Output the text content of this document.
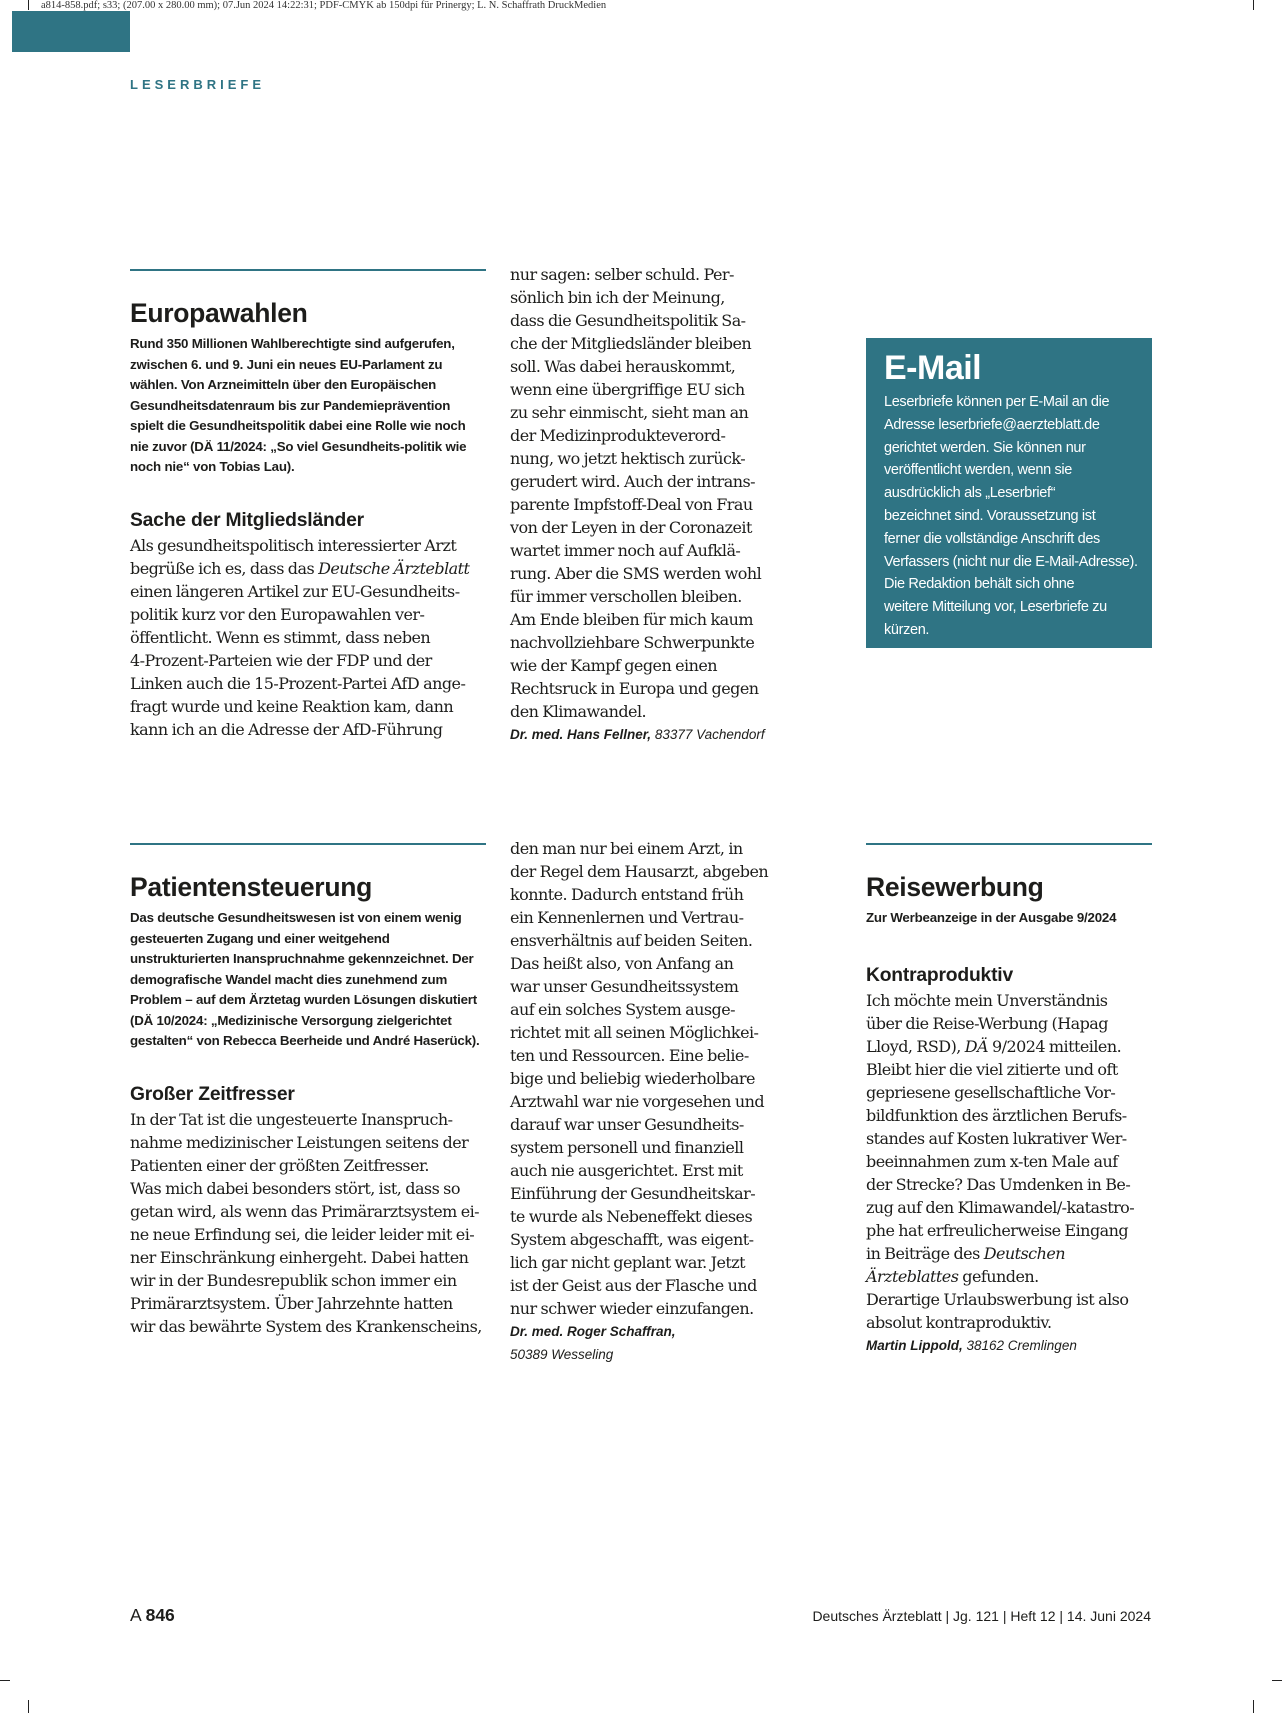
a814-858.pdf; s33; (207.00 x 280.00 mm); 07.Jun 2024 14:22:31; PDF-CMYK ab 150dpi für Prinergy; L. N. Schaffrath DruckMedien
LESERBRIEFE
Europawahlen

Rund 350 Millionen Wahlberechtigte sind aufgerufen, zwischen 6. und 9. Juni ein neues EU-Parlament zu wählen. Von Arzneimitteln über den Europäischen Gesundheitsdatenraum bis zur Pandemieprävention spielt die Gesundheitspolitik dabei eine Rolle wie noch nie zuvor (DÄ 11/2024: „So viel Gesundheits-politik wie noch nie“ von Tobias Lau).

Sache der Mitgliedsländer
Als gesundheitspolitisch interessierter Arzt
begrüße ich es, dass das Deutsche Ärzteblatt
einen längeren Artikel zur EU-Gesundheits-
politik kurz vor den Europawahlen ver-
öffentlicht. Wenn es stimmt, dass neben
4-Prozent-Parteien wie der FDP und der
Linken auch die 15-Prozent-Partei AfD ange-
fragt wurde und keine Reaktion kam, dann
kann ich an die Adresse der AfD-Führung
nur sagen: selber schuld. Per-
sönlich bin ich der Meinung,
dass die Gesundheitspolitik Sa-
che der Mitgliedsländer bleiben
soll. Was dabei herauskommt,
wenn eine übergriffige EU sich
zu sehr einmischt, sieht man an
der Medizinprodukteverord-
nung, wo jetzt hektisch zurück-
gerudert wird. Auch der intrans-
parente Impfstoff-Deal von Frau
von der Leyen in der Coronazeit
wartet immer noch auf Aufklä-
rung. Aber die SMS werden wohl
für immer verschollen bleiben.
Am Ende bleiben für mich kaum
nachvollziehbare Schwerpunkte
wie der Kampf gegen einen
Rechtsruck in Europa und gegen
den Klimawandel.
Dr. med. Hans Fellner, 83377 Vachendorf
E-Mail
Leserbriefe können per E-Mail an die
Adresse leserbriefe@aerzteblatt.de
gerichtet werden. Sie können nur
veröffentlicht werden, wenn sie
ausdrücklich als „Leserbrief“
bezeichnet sind. Voraussetzung ist
ferner die vollständige Anschrift des
Verfassers (nicht nur die E-Mail-Adresse).
Die Redaktion behält sich ohne
weitere Mitteilung vor, Leserbriefe zu
kürzen.
Patientensteuerung

Das deutsche Gesundheitswesen ist von einem wenig gesteuerten Zugang und einer weitgehend unstrukturierten Inanspruchnahme gekennzeichnet. Der demografische Wandel macht dies zunehmend zum Problem – auf dem Ärztetag wurden Lösungen diskutiert (DÄ 10/2024: „Medizinische Versorgung zielgerichtet gestalten“ von Rebecca Beerheide und André Haserück).

Großer Zeitfresser
In der Tat ist die ungesteuerte Inanspruch-
nahme medizinischer Leistungen seitens der
Patienten einer der größten Zeitfresser.
Was mich dabei besonders stört, ist, dass so
getan wird, als wenn das Primärarztsystem ei-
ne neue Erfindung sei, die leider leider mit ei-
ner Einschränkung einhergeht. Dabei hatten
wir in der Bundesrepublik schon immer ein
Primärarztsystem. Über Jahrzehnte hatten
wir das bewährte System des Krankenscheins,
den man nur bei einem Arzt, in
der Regel dem Hausarzt, abgeben
konnte. Dadurch entstand früh
ein Kennenlernen und Vertrau-
ensverhältnis auf beiden Seiten.
Das heißt also, von Anfang an
war unser Gesundheitssystem
auf ein solches System ausge-
richtet mit all seinen Möglichkei-
ten und Ressourcen. Eine belie-
bige und beliebig wiederholbare
Arztwahl war nie vorgesehen und
darauf war unser Gesundheits-
system personell und finanziell
auch nie ausgerichtet. Erst mit
Einführung der Gesundheitskar-
te wurde als Nebeneffekt dieses
System abgeschafft, was eigent-
lich gar nicht geplant war. Jetzt
ist der Geist aus der Flasche und
nur schwer wieder einzufangen.
Dr. med. Roger Schaffran,
50389 Wesseling
Reisewerbung

Zur Werbeanzeige in der Ausgabe 9/2024

Kontraproduktiv
Ich möchte mein Unverständnis
über die Reise-Werbung (Hapag
Lloyd, RSD), DÄ 9/2024 mitteilen.
Bleibt hier die viel zitierte und oft
gepriesene gesellschaftliche Vor-
bildfunktion des ärztlichen Berufs-
standes auf Kosten lukrativer Wer-
beeinnahmen zum x-ten Male auf
der Strecke? Das Umdenken in Be-
zug auf den Klimawandel/-katastro-
phe hat erfreulicherweise Eingang
in Beiträge des Deutschen
Ärzteblattes gefunden.
Derartige Urlaubswerbung ist also
absolut kontraproduktiv.
Martin Lippold, 38162 Cremlingen
A 846	Deutsches Ärzteblatt | Jg. 121 | Heft 12 | 14. Juni 2024
